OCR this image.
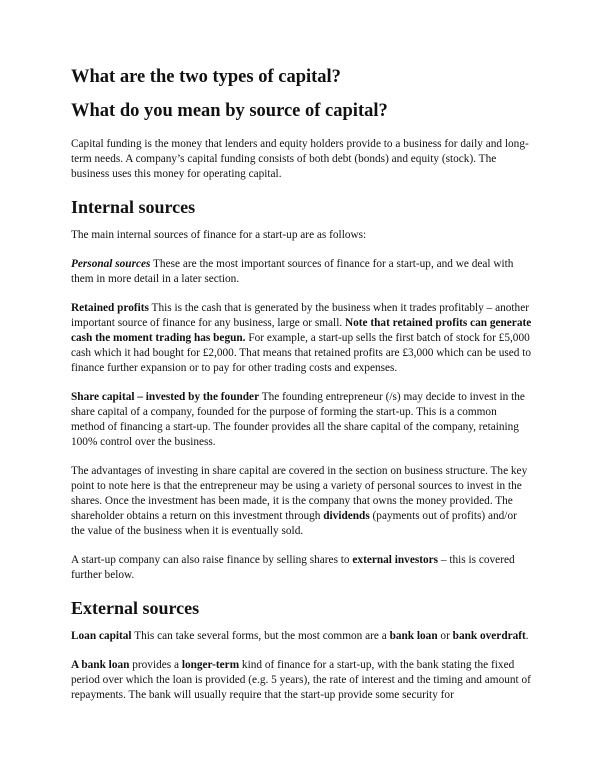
What are the two types of capital?
What do you mean by source of capital?

Capital funding is the money that lenders and equity holders provide to a business for daily and long-term needs. A company’s capital funding consists of both debt (bonds) and equity (stock). The business uses this money for operating capital.

Internal sources

The main internal sources of finance for a start-up are as follows:

Personal sources These are the most important sources of finance for a start-up, and we deal with them in more detail in a later section.

Retained profits This is the cash that is generated by the business when it trades profitably – another important source of finance for any business, large or small. Note that retained profits can generate cash the moment trading has begun. For example, a start-up sells the first batch of stock for £5,000 cash which it had bought for £2,000. That means that retained profits are £3,000 which can be used to finance further expansion or to pay for other trading costs and expenses.

Share capital – invested by the founder The founding entrepreneur (/s) may decide to invest in the share capital of a company, founded for the purpose of forming the start-up. This is a common method of financing a start-up. The founder provides all the share capital of the company, retaining 100% control over the business.

The advantages of investing in share capital are covered in the section on business structure. The key point to note here is that the entrepreneur may be using a variety of personal sources to invest in the shares. Once the investment has been made, it is the company that owns the money provided. The shareholder obtains a return on this investment through dividends (payments out of profits) and/or the value of the business when it is eventually sold.

A start-up company can also raise finance by selling shares to external investors – this is covered further below.

External sources

Loan capital This can take several forms, but the most common are a bank loan or bank overdraft.

A bank loan provides a longer-term kind of finance for a start-up, with the bank stating the fixed period over which the loan is provided (e.g. 5 years), the rate of interest and the timing and amount of repayments. The bank will usually require that the start-up provide some security for
